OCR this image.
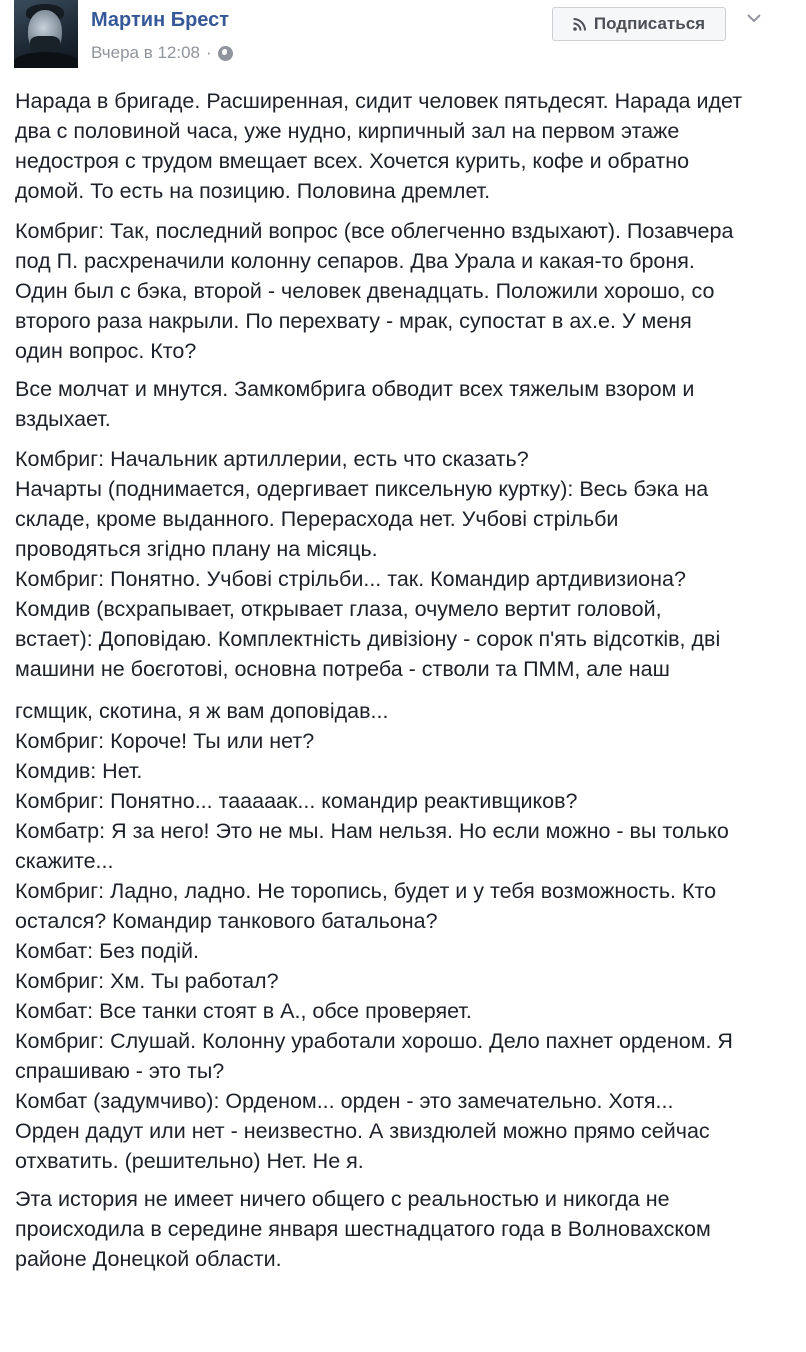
Мартин Брест
Вчера в 12:08 ·
Подписаться

Нарада в бригаде. Расширенная, сидит человек пятьдесят. Нарада идет
два с половиной часа, уже нудно, кирпичный зал на первом этаже
недостроя с трудом вмещает всех. Хочется курить, кофе и обратно
домой. То есть на позицию. Половина дремлет.

Комбриг: Так, последний вопрос (все облегченно вздыхают). Позавчера
под П. расхреначили колонну сепаров. Два Урала и какая-то броня.
Один был с бэка, второй - человек двенадцать. Положили хорошо, со
второго раза накрыли. По перехвату - мрак, супостат в ах.е. У меня
один вопрос. Кто?

Все молчат и мнутся. Замкомбрига обводит всех тяжелым взором и
вздыхает.

Комбриг: Начальник артиллерии, есть что сказать?
Начарты (поднимается, одергивает пиксельную куртку): Весь бэка на
складе, кроме выданного. Перерасхода нет. Учбові стрільби
проводяться згідно плану на місяць.
Комбриг: Понятно. Учбові стрільби... так. Командир артдивизиона?
Комдив (всхрапывает, открывает глаза, очумело вертит головой,
встает): Доповідаю. Комплектність дивізіону - сорок п'ять відсотків, дві
машини не боєготові, основна потреба - стволи та ПММ, але наш

гсмщик, скотина, я ж вам доповідав...
Комбриг: Короче! Ты или нет?
Комдив: Нет.
Комбриг: Понятно... тааааак... командир реактивщиков?
Комбатр: Я за него! Это не мы. Нам нельзя. Но если можно - вы только
скажите...
Комбриг: Ладно, ладно. Не торопись, будет и у тебя возможность. Кто
остался? Командир танкового батальона?
Комбат: Без подій.
Комбриг: Хм. Ты работал?
Комбат: Все танки стоят в А., обсе проверяет.
Комбриг: Слушай. Колонну уработали хорошо. Дело пахнет орденом. Я
спрашиваю - это ты?
Комбат (задумчиво): Орденом... орден - это замечательно. Хотя...
Орден дадут или нет - неизвестно. А звиздюлей можно прямо сейчас
отхватить. (решительно) Нет. Не я.

Эта история не имеет ничего общего с реальностью и никогда не
происходила в середине января шестнадцатого года в Волновахском
районе Донецкой области.
